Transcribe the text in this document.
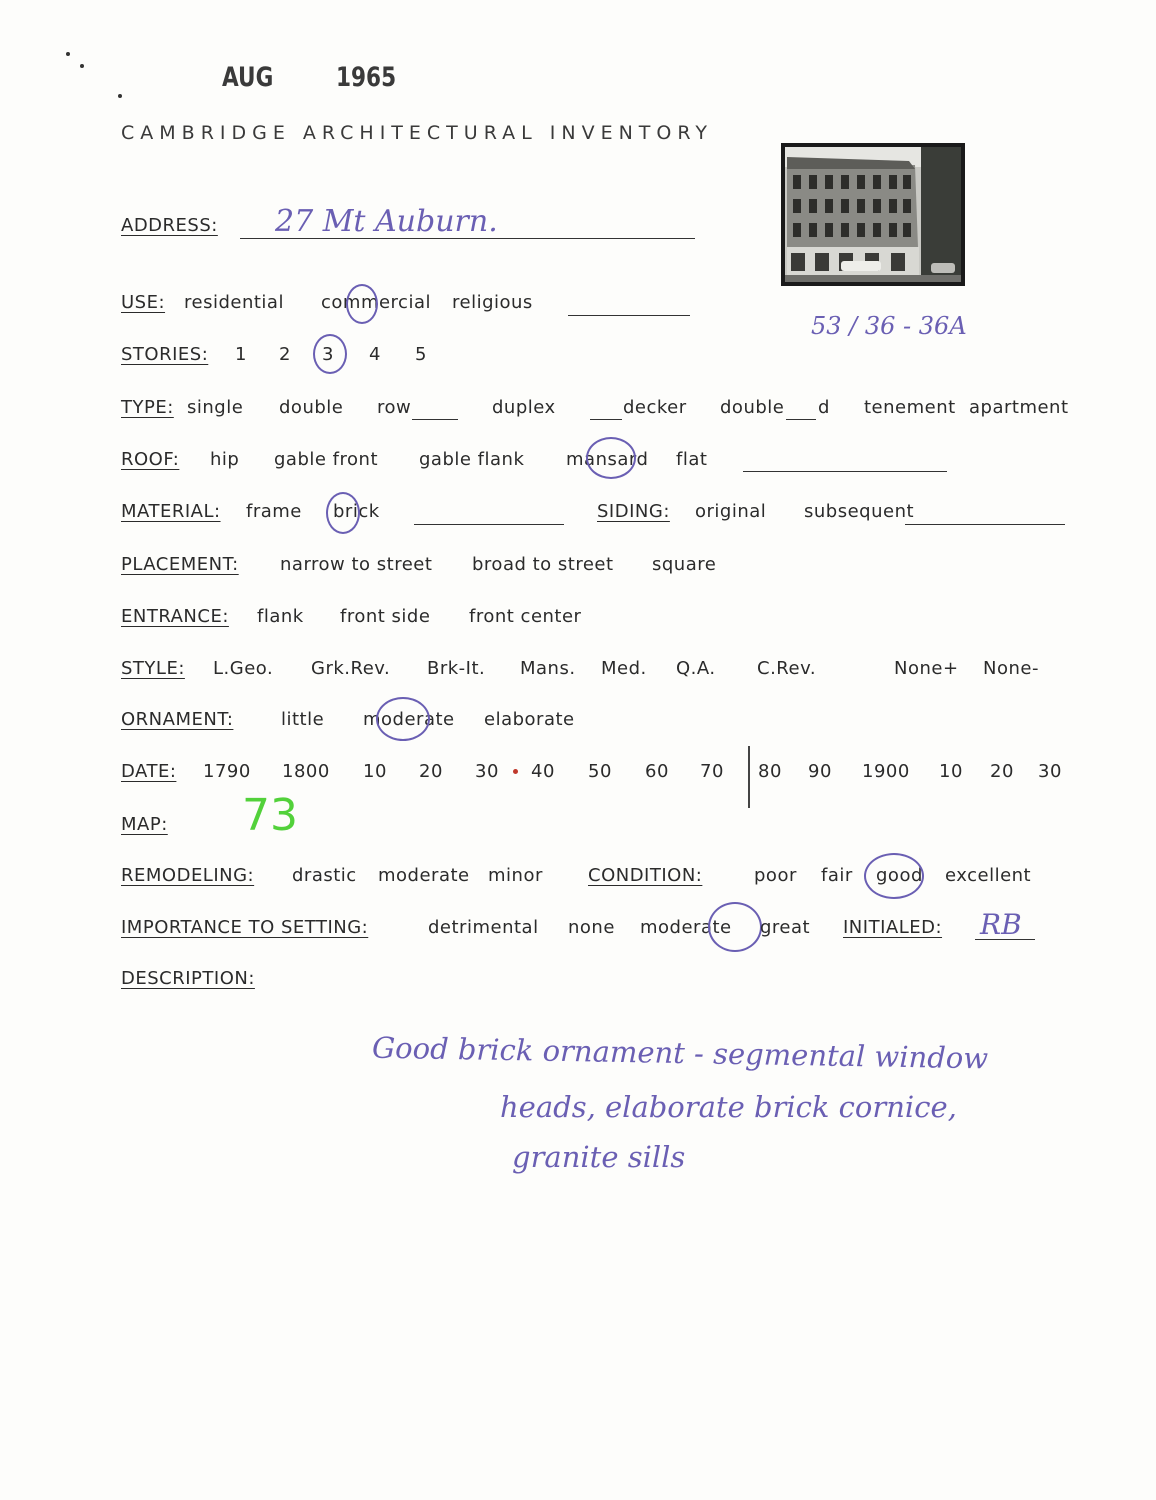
AUG 1965
CAMBRIDGE ARCHITECTURAL INVENTORY
53 / 36 - 36A
ADDRESS: 27 Mt Auburn.
USE: residential commercial religious
STORIES: 1 2 3 4 5
TYPE: single double row	duplex	decker double d tenement apartment
ROOF: hip gable front gable flank mansard flat
MATERIAL: frame brick	SIDING: original subsequent
PLACEMENT: narrow to street broad to street square
ENTRANCE: flank front side front center
STYLE: L.Geo. Grk.Rev. Brk-It. Mans. Med. Q.A. C.Rev.	None+ None-
ORNAMENT:	little moderate elaborate
DATE: 1790 1800 10 20 30 40 50 60 70 80 90 1900 10 20 30
MAP: 73
REMODELING: drastic moderate minor	CONDITION:	poor fair good excellent
IMPORTANCE TO SETTING:	detrimental none moderate great INITIALED: RB
DESCRIPTION:
Good brick ornament - segmental window
heads, elaborate brick cornice,
granite sills
